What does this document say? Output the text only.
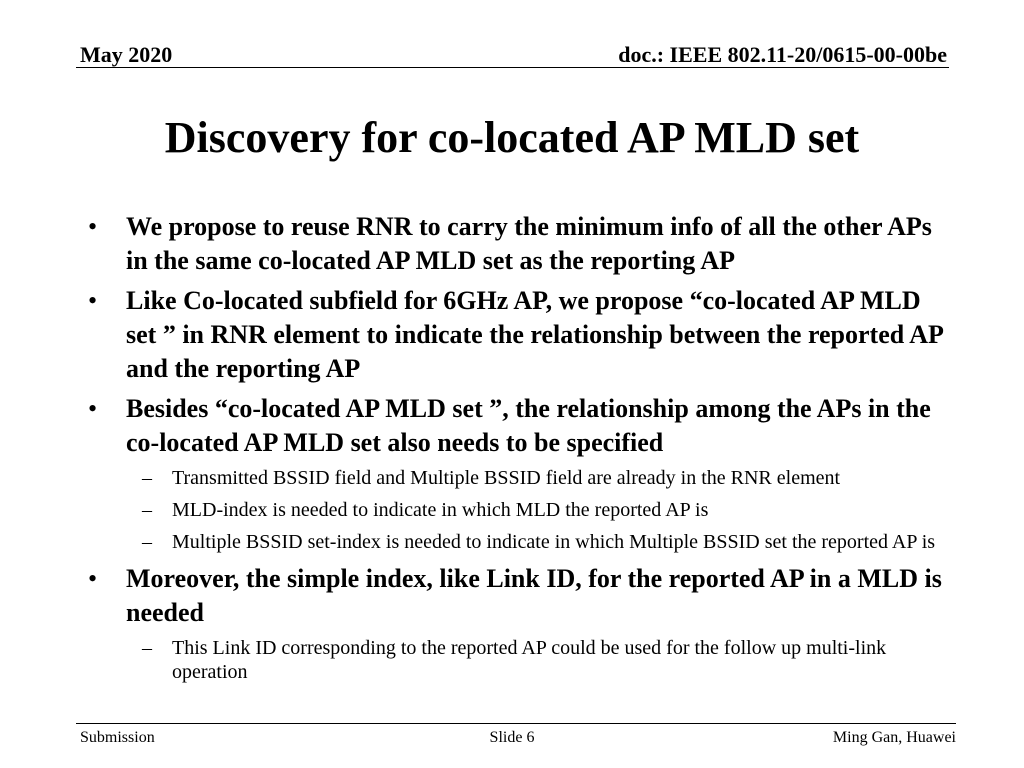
May 2020	doc.: IEEE 802.11-20/0615-00-00be
Discovery for co-located AP MLD set
• We propose to reuse RNR to carry the minimum info of all the other APs in the same co-located AP MLD set as the reporting AP
• Like Co-located subfield for 6GHz AP, we propose “co-located AP MLD set ” in RNR element to indicate the relationship between the reported AP and the reporting AP
• Besides “co-located AP MLD set ”, the relationship among the APs in the co-located AP MLD set also needs to be specified
– Transmitted BSSID field and Multiple BSSID field are already in the RNR element
– MLD-index is needed to indicate in which MLD the reported AP is
– Multiple BSSID set-index is needed to indicate in which Multiple BSSID set the reported AP is
• Moreover, the simple index, like Link ID, for the reported AP in a MLD is needed
– This Link ID corresponding to the reported AP could be used for the follow up multi-link operation
Submission	Slide 6	Ming Gan, Huawei
